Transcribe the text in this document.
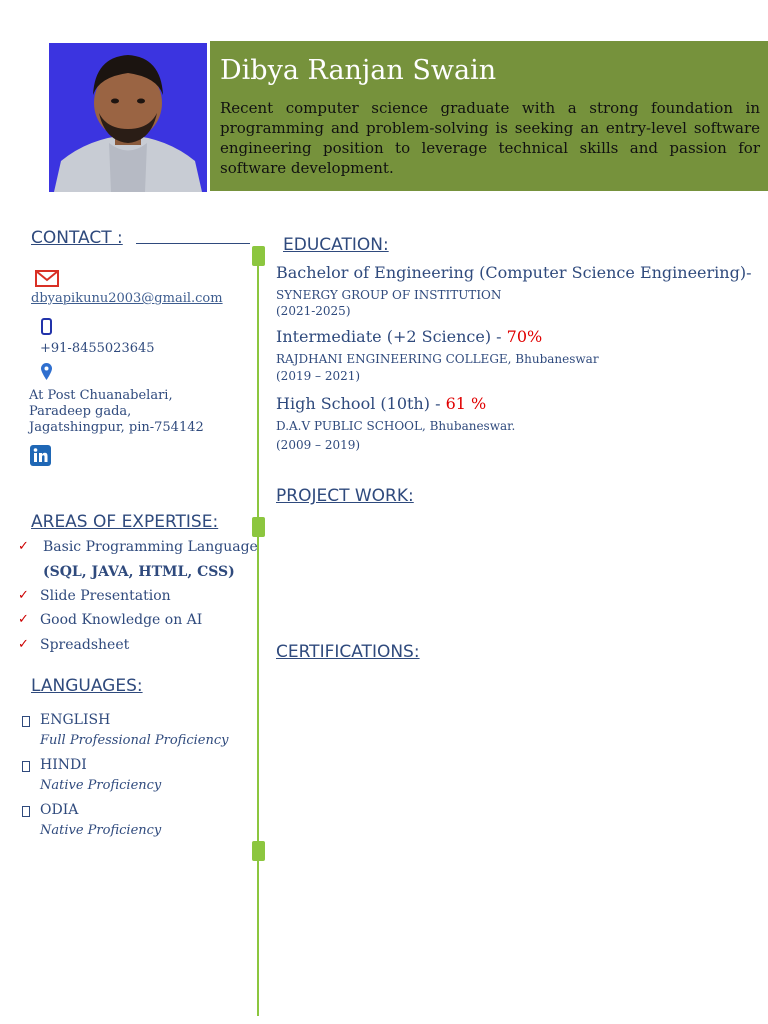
Dibya Ranjan Swain
Recent computer science graduate with a strong foundation in programming and problem-solving is seeking an entry-level software engineering position to leverage technical skills and passion for software development.
CONTACT :
dbyapikunu2003@gmail.com
+91-8455023645
At Post Chuanabelari,
Paradeep gada,
Jagatshingpur, pin-754142
AREAS OF EXPERTISE:
✓ Basic Programming Language
(SQL, JAVA, HTML, CSS)
✓ Slide Presentation
✓ Good Knowledge on AI
✓ Spreadsheet
LANGUAGES:
ENGLISH
Full Professional Proficiency
HINDI
Native Proficiency
ODIA
Native Proficiency
EDUCATION:
Bachelor of Engineering (Computer Science Engineering)-
SYNERGY GROUP OF INSTITUTION
(2021-2025)
Intermediate (+2 Science) - 70%
RAJDHANI ENGINEERING COLLEGE, Bhubaneswar
(2019 – 2021)
High School (10th) - 61 %
D.A.V PUBLIC SCHOOL, Bhubaneswar.
(2009 – 2019)
PROJECT WORK:
CERTIFICATIONS:
